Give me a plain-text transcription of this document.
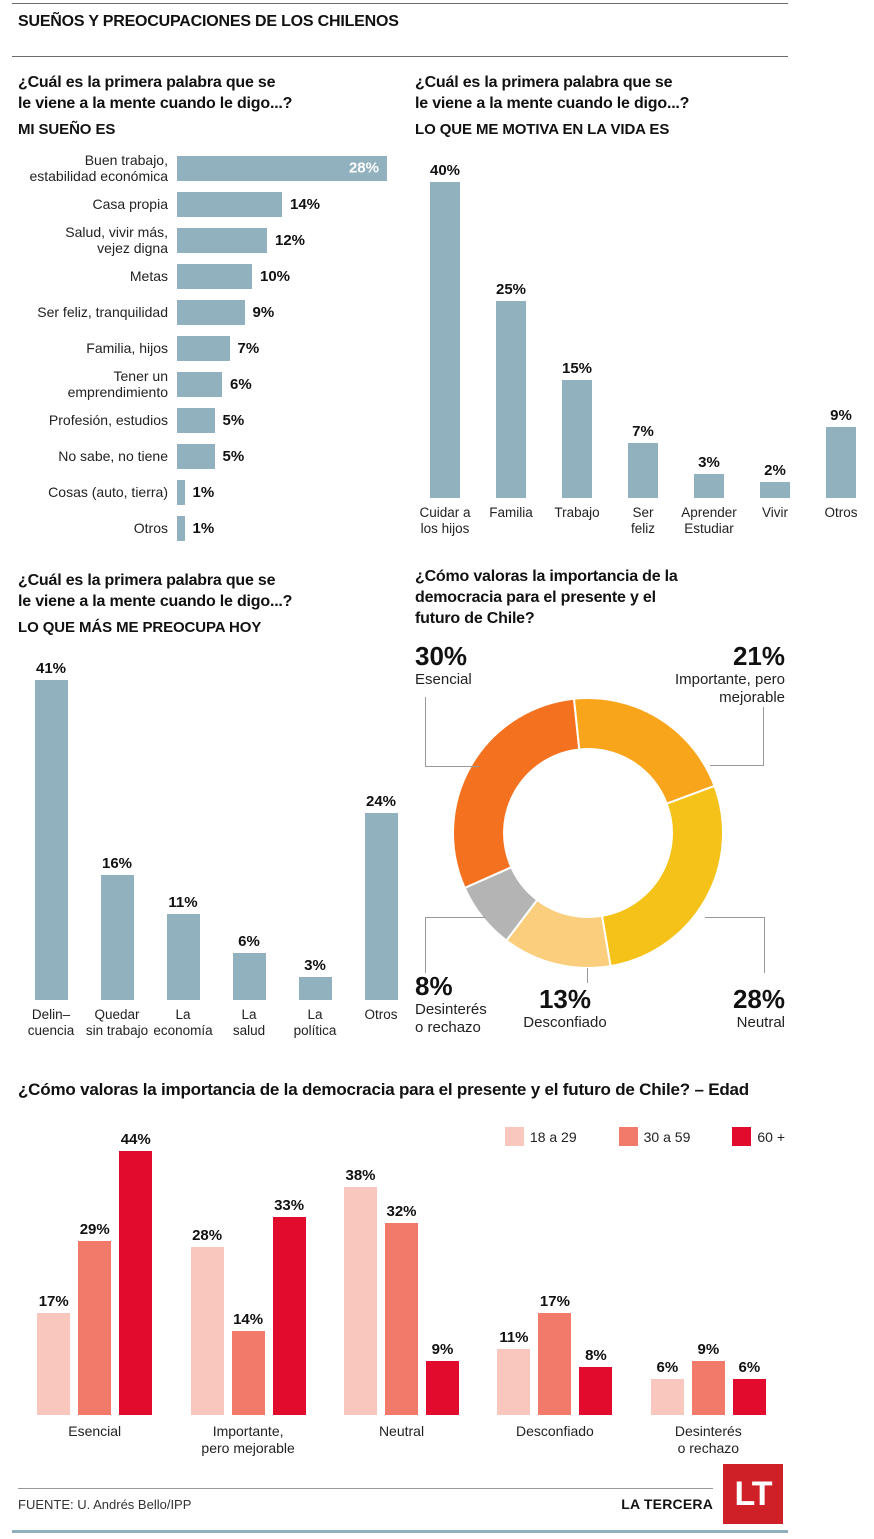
SUEÑOS Y PREOCUPACIONES DE LOS CHILENOS
¿Cuál es la primera palabra que se
le viene a la mente cuando le digo...?
MI SUEÑO ES
¿Cuál es la primera palabra que se
le viene a la mente cuando le digo...?
LO QUE ME MOTIVA EN LA VIDA ES
Buen trabajo,
estabilidad económica	28%
Casa propia	14%
Salud, vivir más,
vejez digna	12%
Metas	10%
Ser feliz, tranquilidad	9%
Familia, hijos	7%
Tener un
emprendimiento	6%
Profesión, estudios	5%
No sabe, no tiene	5%
Cosas (auto, tierra)	1%
Otros	1%
40%
Cuidar a
los hijos
25%
Familia
15%
Trabajo
7%
Ser
feliz
3%
Aprender
Estudiar
2%
Vivir
9%
Otros
¿Cuál es la primera palabra que se
le viene a la mente cuando le digo...?
LO QUE MÁS ME PREOCUPA HOY
41%
Delin–
cuencia
16%
Quedar
sin trabajo
11%
La
economía
6%
La
salud
3%
La
política
24%
Otros
¿Cómo valoras la importancia de la
democracia para el presente y el
futuro de Chile?
30%
Esencial
21%
Importante, pero
mejorable
8%
Desinterés
o rechazo
13%
Desconfiado
28%
Neutral
¿Cómo valoras la importancia de la democracia para el presente y el futuro de Chile? – Edad
18 a 29	30 a 59	60 +
17%
29%
44%
Esencial
28%
14%
33%
Importante,
pero mejorable
38%
32%
9%
Neutral
11%
17%
8%
Desconfiado
6%
9%
6%
Desinterés
o rechazo
FUENTE: U. Andrés Bello/IPP	LA TERCERA LT
